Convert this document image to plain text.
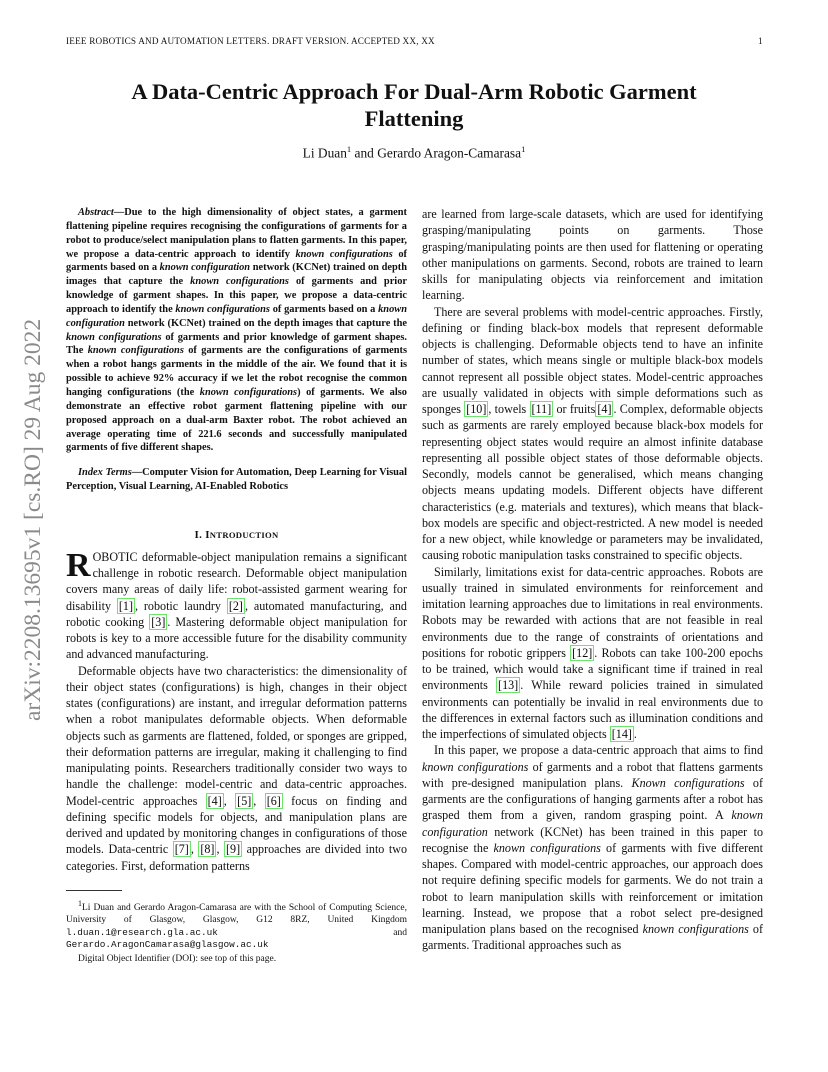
IEEE ROBOTICS AND AUTOMATION LETTERS. DRAFT VERSION. ACCEPTED XX, XX	1
arXiv:2208.13695v1 [cs.RO] 29 Aug 2022
A Data-Centric Approach For Dual-Arm Robotic Garment Flattening
Li Duan$^1$ and Gerardo Aragon-Camarasa$^1$

Abstract—Due to the high dimensionality of object states, a garment flattening pipeline requires recognising the configurations of garments for a robot to produce/select manipulation plans to flatten garments. In this paper, we propose a data-centric approach to identify known configurations of garments based on a known configuration network (KCNet) trained on depth images that capture the known configurations of garments and prior knowledge of garment shapes. In this paper, we propose a data-centric approach to identify the known configurations of garments based on a known configuration network (KCNet) trained on the depth images that capture the known configurations of garments and prior knowledge of garment shapes. The known configurations of garments are the configurations of garments when a robot hangs garments in the middle of the air. We found that it is possible to achieve 92% accuracy if we let the robot recognise the common hanging configurations (the known configurations) of garments. We also demonstrate an effective robot garment flattening pipeline with our proposed approach on a dual-arm Baxter robot. The robot achieved an average operating time of 221.6 seconds and successfully manipulated garments of five different shapes.

Index Terms—Computer Vision for Automation, Deep Learning for Visual Perception, Visual Learning, AI-Enabled Robotics

I. INTRODUCTION

ROBOTIC deformable-object manipulation remains a significant challenge in robotic research. Deformable object manipulation covers many areas of daily life: robot-assisted garment wearing for disability [1] , robotic laundry [2] , automated manufacturing, and robotic cooking [3] . Mastering deformable object manipulation for robots is key to a more accessible future for the disability community and advanced manufacturing.

Deformable objects have two characteristics: the dimensionality of their object states (configurations) is high, changes in their object states (configurations) are instant, and irregular deformation patterns when a robot manipulates deformable objects. When deformable objects such as garments are flattened, folded, or sponges are gripped, their deformation patterns are irregular, making it challenging to find manipulating points. Researchers traditionally consider two ways to handle the challenge: model-centric and data-centric approaches. Model-centric approaches [4] , [5] , [6] focus on finding and defining specific models for objects, and manipulation plans are derived and updated by monitoring changes in configurations of those models. Data-centric [7] , [8] , [9] approaches are divided into two categories. First, deformation patterns

$^1$Li Duan and Gerardo Aragon-Camarasa are with the School of Computing Science, University of Glasgow, Glasgow, G12 8RZ, United Kingdom l.duan.1@research.gla.ac.uk and Gerardo.AragonCamarasa@glasgow.ac.uk

Digital Object Identifier (DOI): see top of this page.

are learned from large-scale datasets, which are used for identifying grasping/manipulating points on garments. Those grasping/manipulating points are then used for flattening or operating other manipulations on garments. Second, robots are trained to learn skills for manipulating objects via reinforcement and imitation learning.

There are several problems with model-centric approaches. Firstly, defining or finding black-box models that represent deformable objects is challenging. Deformable objects tend to have an infinite number of states, which means single or multiple black-box models cannot represent all possible object states. Model-centric approaches are usually validated in objects with simple deformations such as sponges [10] , towels [11] or fruits [4] . Complex, deformable objects such as garments are rarely employed because black-box models for representing object states would require an almost infinite database representing all possible object states of those deformable objects. Secondly, models cannot be generalised, which means changing objects means updating models. Different objects have different characteristics (e.g. materials and textures), which means that black-box models are specific and object-restricted. A new model is needed for a new object, while knowledge or parameters may be invalidated, causing robotic manipulation tasks constrained to specific objects.

Similarly, limitations exist for data-centric approaches. Robots are usually trained in simulated environments for reinforcement and imitation learning approaches due to limitations in real environments. Robots may be rewarded with actions that are not feasible in real environments due to the range of constraints of orientations and positions for robotic grippers [12] . Robots can take 100-200 epochs to be trained, which would take a significant time if trained in real environments [13] . While reward policies trained in simulated environments can potentially be invalid in real environments due to the differences in external factors such as illumination conditions and the imperfections of simulated objects [14] .

In this paper, we propose a data-centric approach that aims to find known configurations of garments and a robot that flattens garments with pre-designed manipulation plans. Known configurations of garments are the configurations of hanging garments after a robot has grasped them from a given, random grasping point. A known configuration network (KCNet) has been trained in this paper to recognise the known configurations of garments with five different shapes. Compared with model-centric approaches, our approach does not require defining specific models for garments. We do not train a robot to learn manipulation skills with reinforcement or imitation learning. Instead, we propose that a robot select pre-designed manipulation plans based on the recognised known configurations of garments. Traditional approaches such as
